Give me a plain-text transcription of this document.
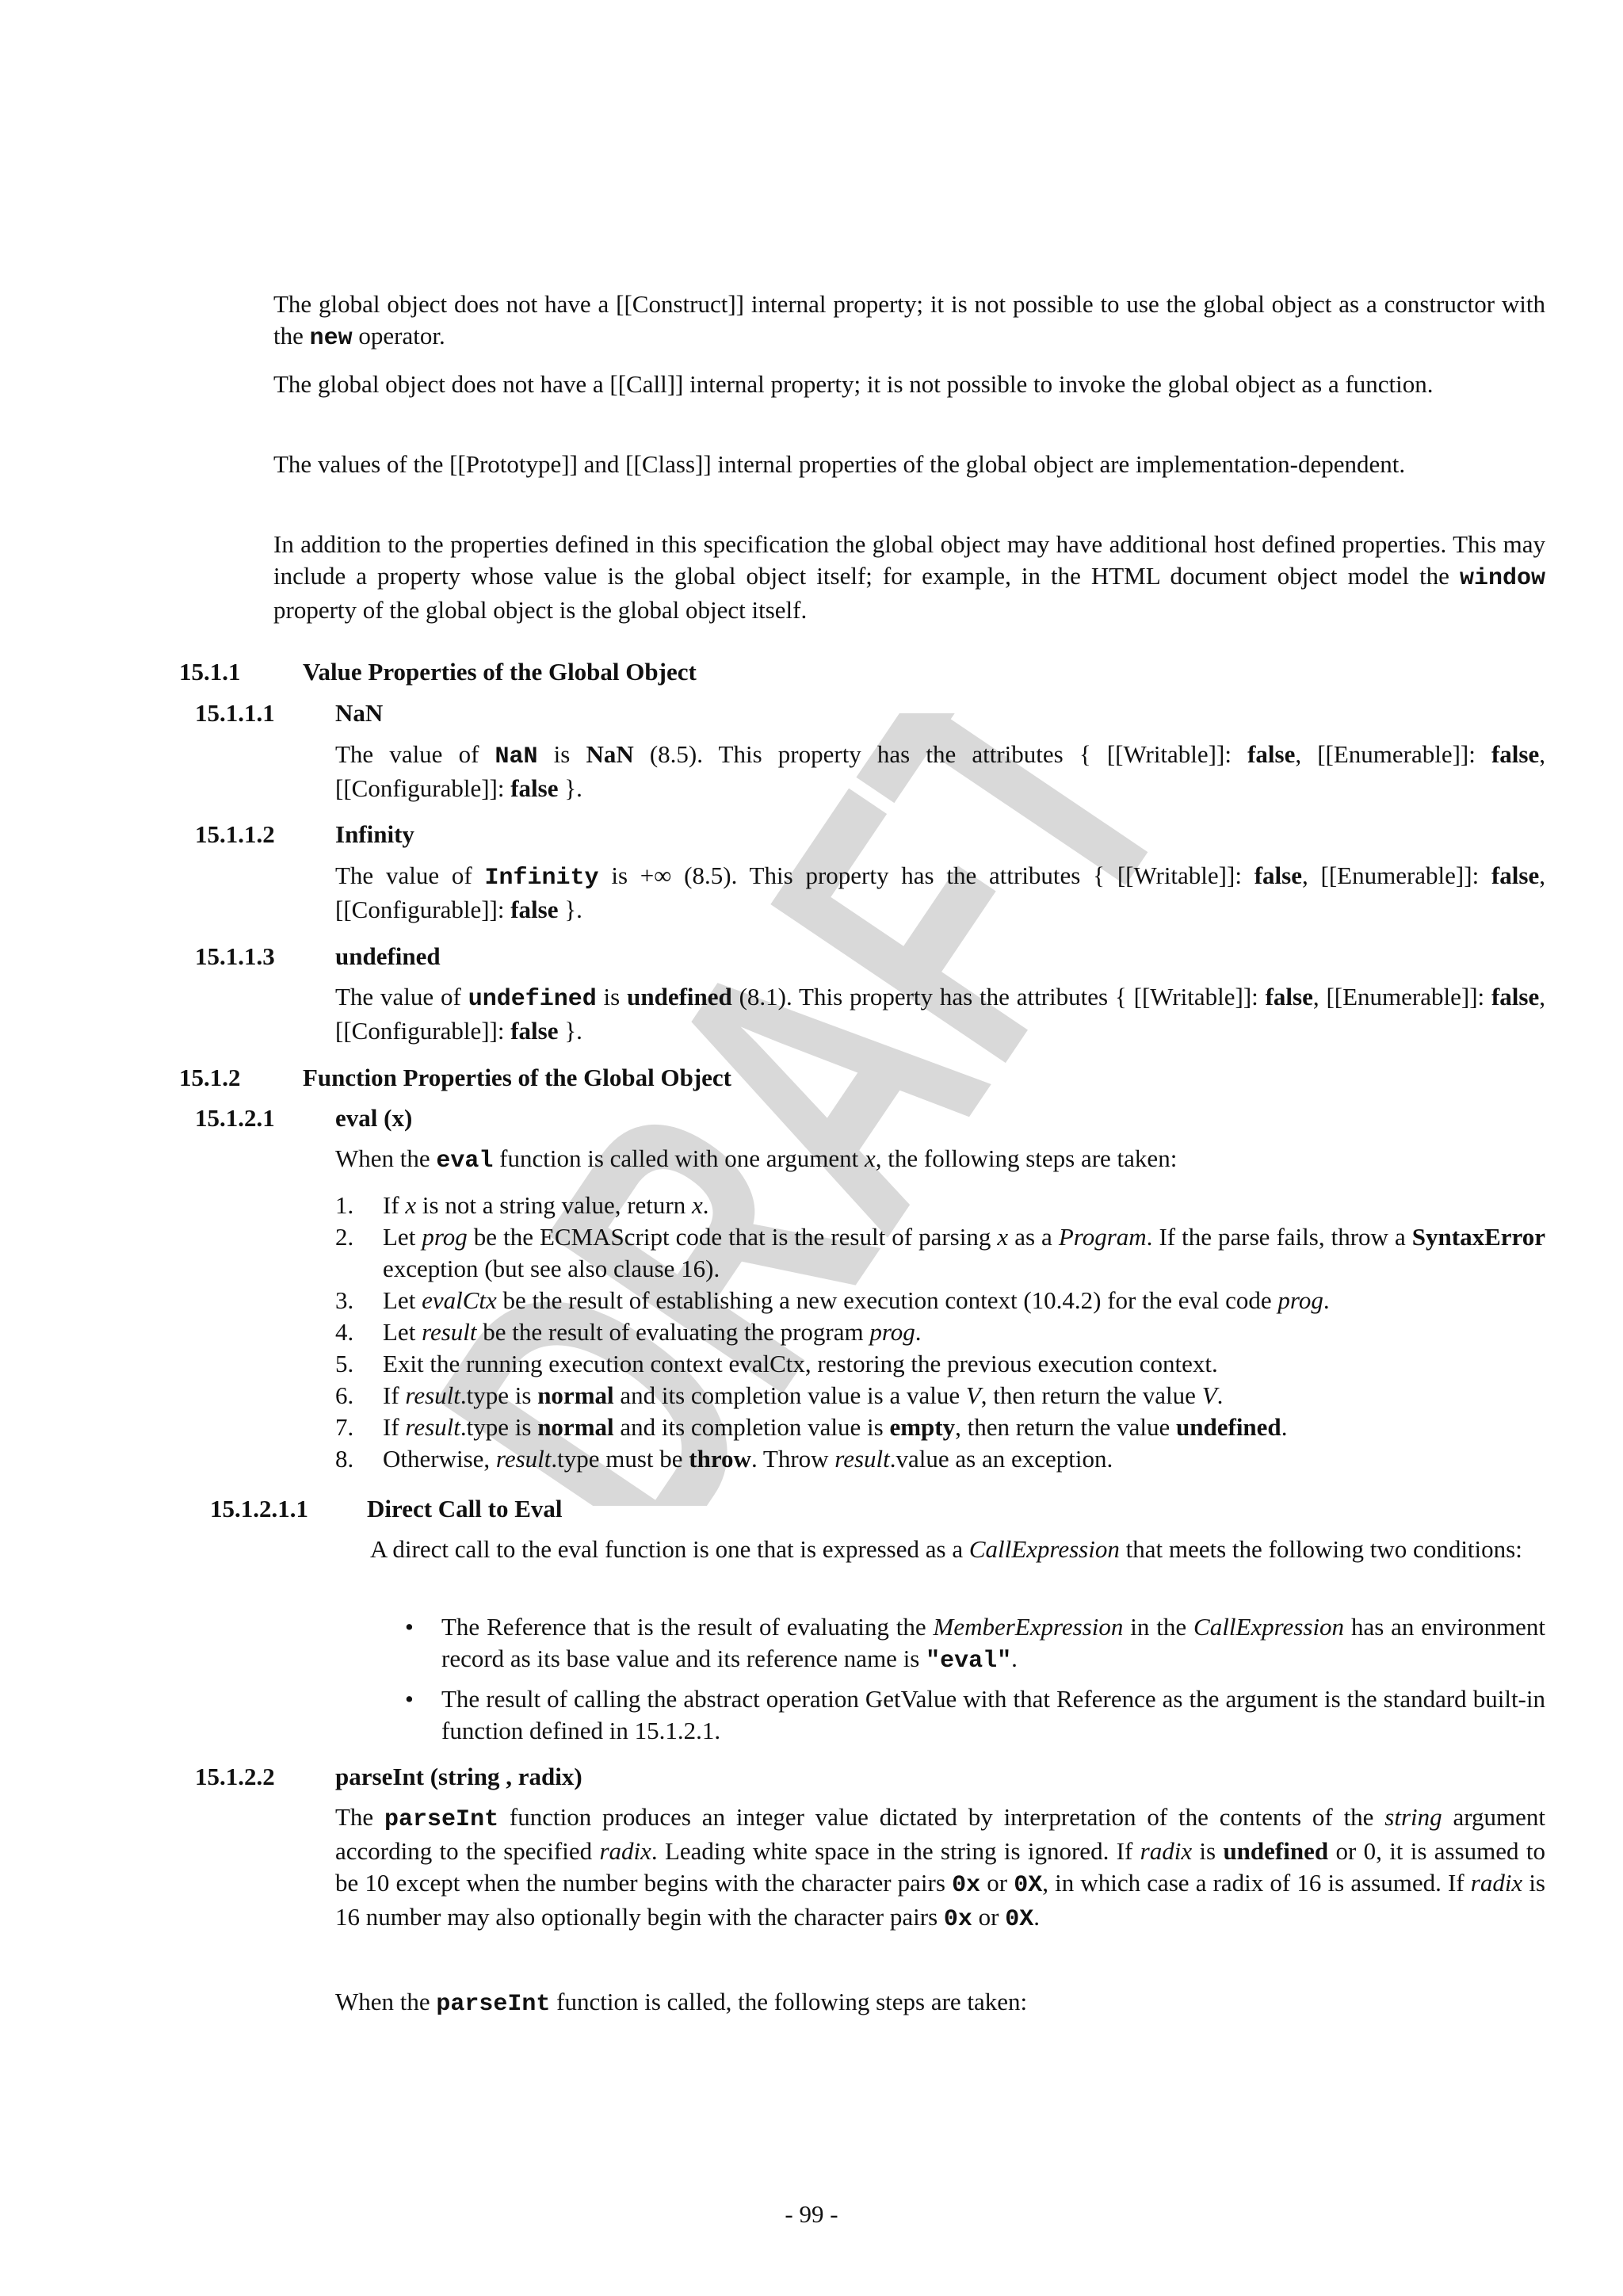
DRAFT
The global object does not have a [[Construct]] internal property; it is not possible to use the global object as a constructor with the new operator.
The global object does not have a [[Call]] internal property; it is not possible to invoke the global object as a function.
The values of the [[Prototype]] and [[Class]] internal properties of the global object are implementation-dependent.
In addition to the properties defined in this specification the global object may have additional host defined properties. This may include a property whose value is the global object itself; for example, in the HTML document object model the window property of the global object is the global object itself.
15.1.1	Value Properties of the Global Object
15.1.1.1 NaN
The value of NaN is NaN (8.5). This property has the attributes { [[Writable]]: false, [[Enumerable]]: false, [[Configurable]]: false }.
15.1.1.2 Infinity
The value of Infinity is +∞ (8.5). This property has the attributes { [[Writable]]: false, [[Enumerable]]: false, [[Configurable]]: false }.
15.1.1.3 undefined
The value of undefined is undefined (8.1). This property has the attributes { [[Writable]]: false, [[Enumerable]]: false, [[Configurable]]: false }.
15.1.2	Function Properties of the Global Object
15.1.2.1 eval (x)
When the eval function is called with one argument x, the following steps are taken:
1. If x is not a string value, return x.
2. Let prog be the ECMAScript code that is the result of parsing x as a Program. If the parse fails, throw a SyntaxError exception (but see also clause 16).
3. Let evalCtx be the result of establishing a new execution context (10.4.2) for the eval code prog.
4. Let result be the result of evaluating the program prog.
5. Exit the running execution context evalCtx, restoring the previous execution context.
6. If result.type is normal and its completion value is a value V, then return the value V.
7. If result.type is normal and its completion value is empty, then return the value undefined.
8. Otherwise, result.type must be throw. Throw result.value as an exception.
15.1.2.1.1 Direct Call to Eval
A direct call to the eval function is one that is expressed as a CallExpression that meets the following two conditions:
• The Reference that is the result of evaluating the MemberExpression in the CallExpression has an environment record as its base value and its reference name is "eval".
• The result of calling the abstract operation GetValue with that Reference as the argument is the standard built-in function defined in 15.1.2.1.
15.1.2.2 parseInt (string , radix)
The parseInt function produces an integer value dictated by interpretation of the contents of the string argument according to the specified radix. Leading white space in the string is ignored. If radix is undefined or 0, it is assumed to be 10 except when the number begins with the character pairs 0x or 0X, in which case a radix of 16 is assumed. If radix is 16 number may also optionally begin with the character pairs 0x or 0X.
When the parseInt function is called, the following steps are taken:
- 99 -
